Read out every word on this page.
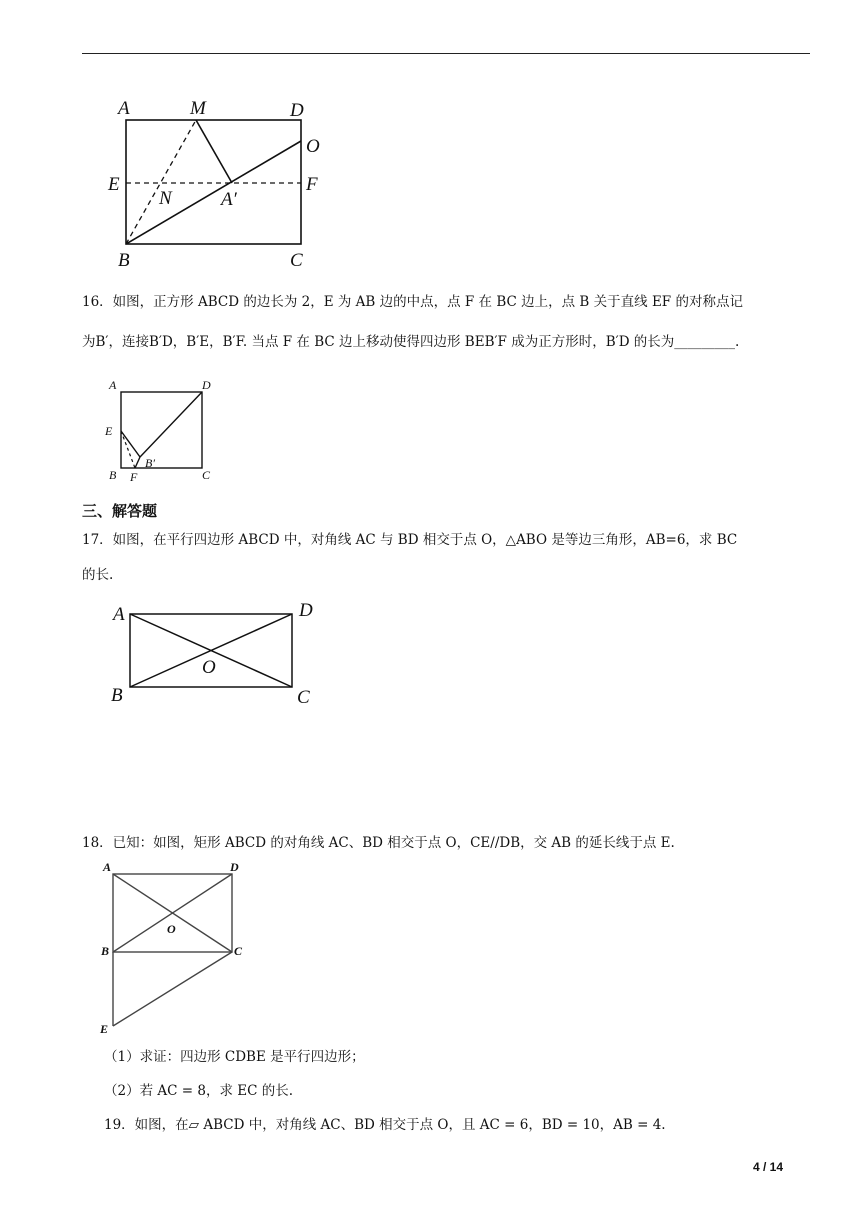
A	M	D
O
E	F
N	A′
B	C
16．如图，正方形 ABCD 的边长为 2，E 为 AB 边的中点，点 F 在 BC 边上，点 B 关于直线 EF 的对称点记
为B′，连接B′D，B′E，B′F. 当点 F 在 BC 边上移动使得四边形 BEB′F 成为正方形时，B′D 的长为_________.
A	D
E
B′
B F	C
三、解答题
17．如图，在平行四边形 ABCD 中，对角线 AC 与 BD 相交于点 O，△ABO 是等边三角形，AB=6，求 BC
的长.
A	D
O
B	C
18．已知：如图，矩形 ABCD 的对角线 AC、BD 相交于点 O，CE//DB，交 AB 的延长线于点 E.
A	D
O
B	C
E
（1）求证：四边形 CDBE 是平行四边形；
（2）若 AC = 8，求 EC 的长.
19．如图，在▱ ABCD 中，对角线 AC、BD 相交于点 O，且 AC = 6，BD = 10，AB = 4.
4 / 14
